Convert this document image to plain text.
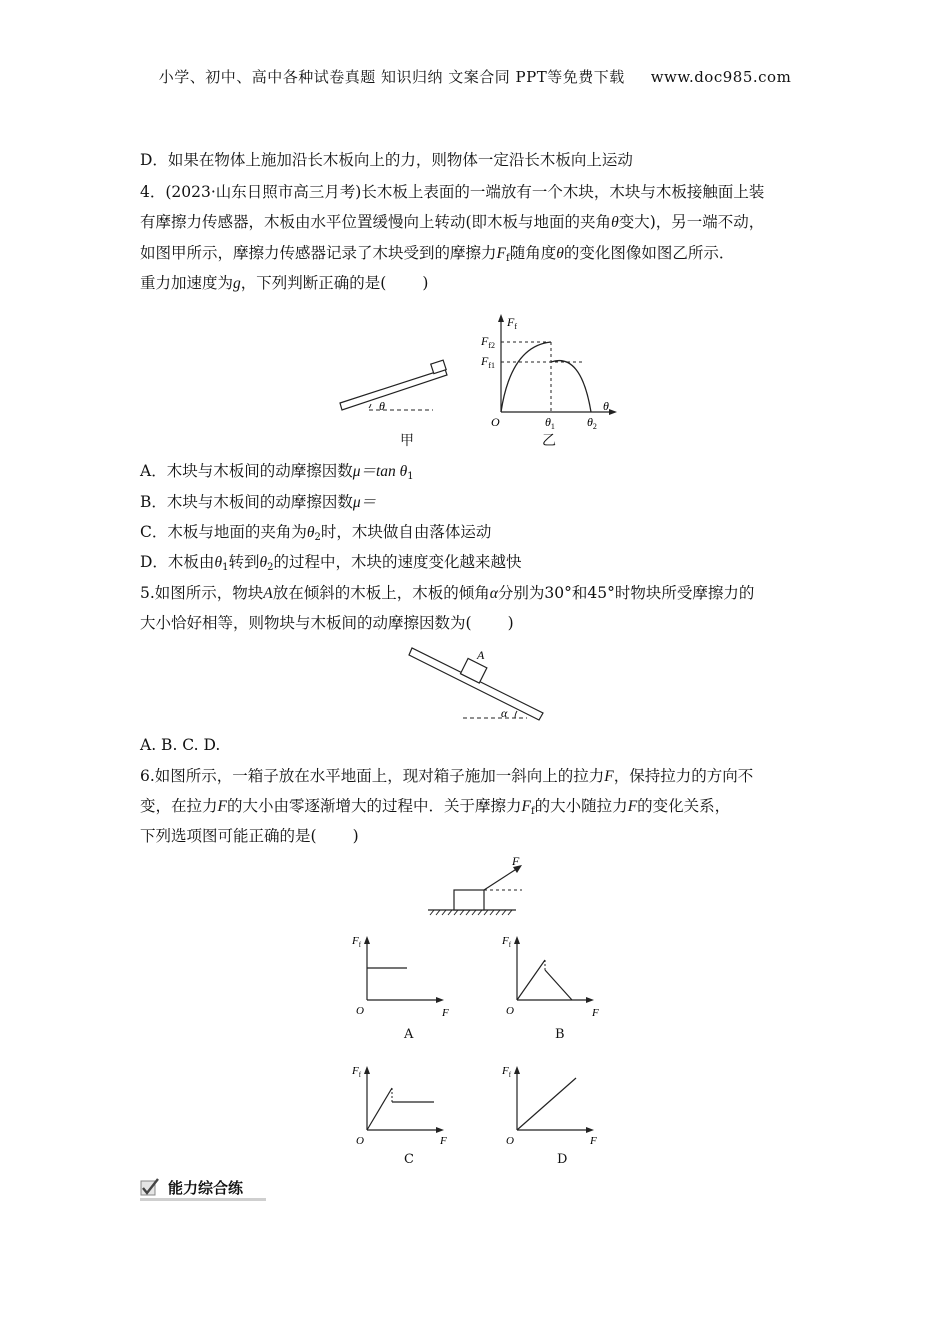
小学、初中、高中各种试卷真题 知识归纳 文案合同 PPT等免费下载 www.doc985.com
D．如果在物体上施加沿长木板向上的力，则物体一定沿长木板向上运动
4．(2023·山东日照市高三月考)长木板上表面的一端放有一个木块，木块与木板接触面上装
有摩擦力传感器，木板由水平位置缓慢向上转动(即木板与地面的夹角θ变大)，另一端不动，
如图甲所示，摩擦力传感器记录了木块受到的摩擦力$F_f$随角度θ的变化图像如图乙所示．
重力加速度为g，下列判断正确的是( )
θ
甲
$F_f$
$F_{f2}$
$F_{f1}$
O
θ
$\theta_1$	$\theta_2$
乙
A．木块与木板间的动摩擦因数μ＝tan $\theta_1$
B．木块与木板间的动摩擦因数μ＝
C．木板与地面的夹角为$\theta_2$时，木块做自由落体运动
D．木板由$\theta_1$转到$\theta_2$的过程中，木块的速度变化越来越快
5.如图所示，物块A放在倾斜的木板上，木板的倾角α分别为30°和45°时物块所受摩擦力的
大小恰好相等，则物块与木板间的动摩擦因数为( )
A
α
A. B. C. D.
6.如图所示，一箱子放在水平地面上，现对箱子施加一斜向上的拉力F，保持拉力的方向不
变，在拉力F的大小由零逐渐增大的过程中．关于摩擦力$F_f$的大小随拉力F的变化关系，
下列选项图可能正确的是( )
F
$F_f$
O	F
A
$F_f$
O	F
B
$F_f$
O	F
C
$F_f$
O	F
D
能力综合练
